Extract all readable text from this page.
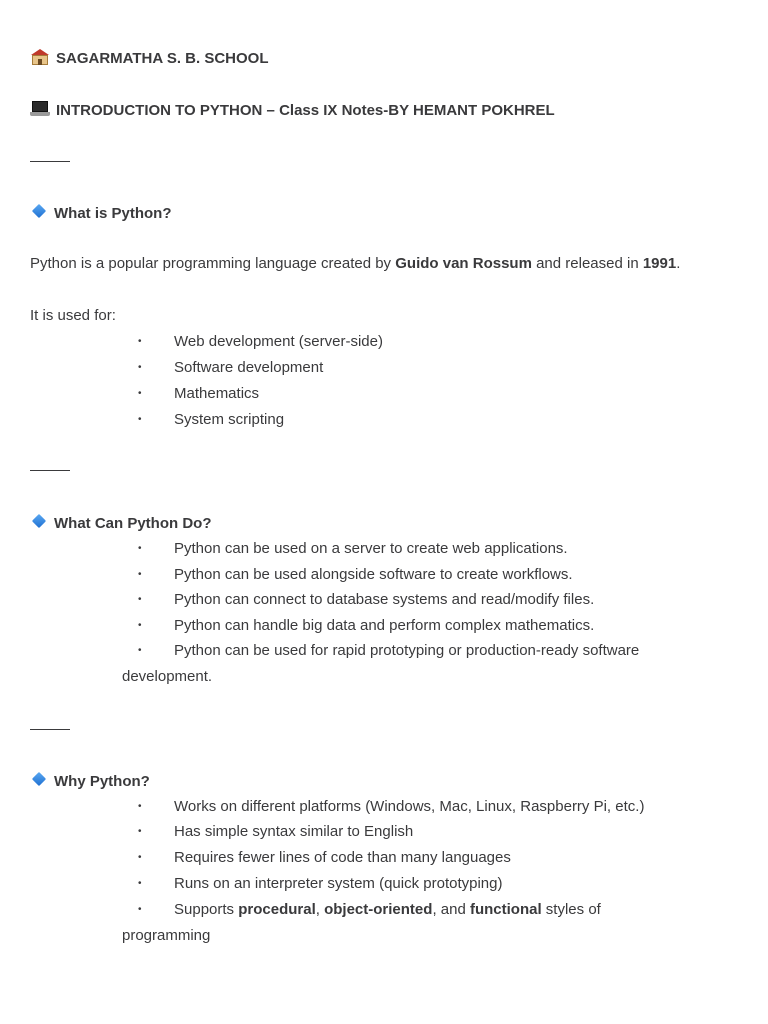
SAGARMATHA S. B. SCHOOL
INTRODUCTION TO PYTHON – Class IX Notes-BY HEMANT POKHREL
What is Python?
Python is a popular programming language created by Guido van Rossum and released in 1991.
It is used for:
• Web development (server-side)
• Software development
• Mathematics
• System scripting
What Can Python Do?
• Python can be used on a server to create web applications.
• Python can be used alongside software to create workflows.
• Python can connect to database systems and read/modify files.
• Python can handle big data and perform complex mathematics.
• Python can be used for rapid prototyping or production-ready software
development.
Why Python?
• Works on different platforms (Windows, Mac, Linux, Raspberry Pi, etc.)
• Has simple syntax similar to English
• Requires fewer lines of code than many languages
• Runs on an interpreter system (quick prototyping)
• Supports procedural, object-oriented, and functional styles of
programming
